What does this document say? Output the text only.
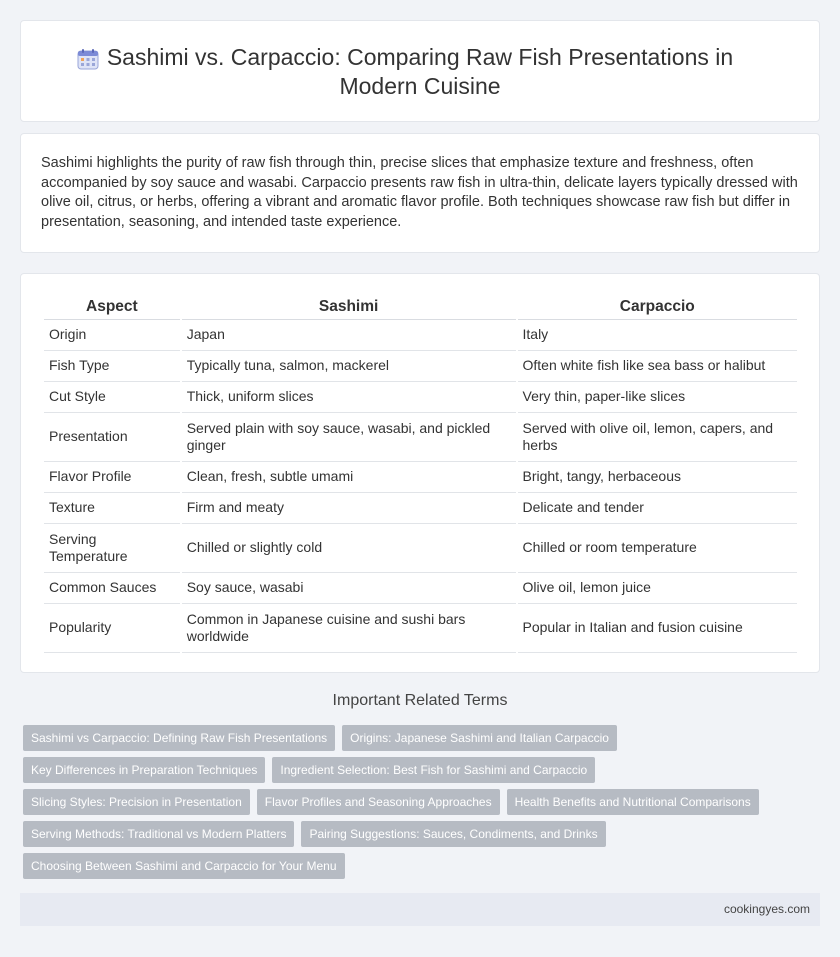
Sashimi vs. Carpaccio: Comparing Raw Fish Presentations in Modern Cuisine

Sashimi highlights the purity of raw fish through thin, precise slices that emphasize texture and freshness, often accompanied by soy sauce and wasabi. Carpaccio presents raw fish in ultra-thin, delicate layers typically dressed with olive oil, citrus, or herbs, offering a vibrant and aromatic flavor profile. Both techniques showcase raw fish but differ in presentation, seasoning, and intended taste experience.

Aspect	Sashimi	Carpaccio
Origin	Japan	Italy
Fish Type	Typically tuna, salmon, mackerel	Often white fish like sea bass or halibut
Cut Style	Thick, uniform slices	Very thin, paper-like slices
Presentation	Served plain with soy sauce, wasabi, and pickled ginger	Served with olive oil, lemon, capers, and herbs
Flavor Profile	Clean, fresh, subtle umami	Bright, tangy, herbaceous
Texture	Firm and meaty	Delicate and tender
Serving Temperature	Chilled or slightly cold	Chilled or room temperature
Common Sauces	Soy sauce, wasabi	Olive oil, lemon juice
Popularity	Common in Japanese cuisine and sushi bars worldwide	Popular in Italian and fusion cuisine
Important Related Terms
Sashimi vs Carpaccio: Defining Raw Fish Presentations	Origins: Japanese Sashimi and Italian Carpaccio
Key Differences in Preparation Techniques	Ingredient Selection: Best Fish for Sashimi and Carpaccio
Slicing Styles: Precision in Presentation	Flavor Profiles and Seasoning Approaches	Health Benefits and Nutritional Comparisons
Serving Methods: Traditional vs Modern Platters	Pairing Suggestions: Sauces, Condiments, and Drinks
Choosing Between Sashimi and Carpaccio for Your Menu
cookingyes.com
